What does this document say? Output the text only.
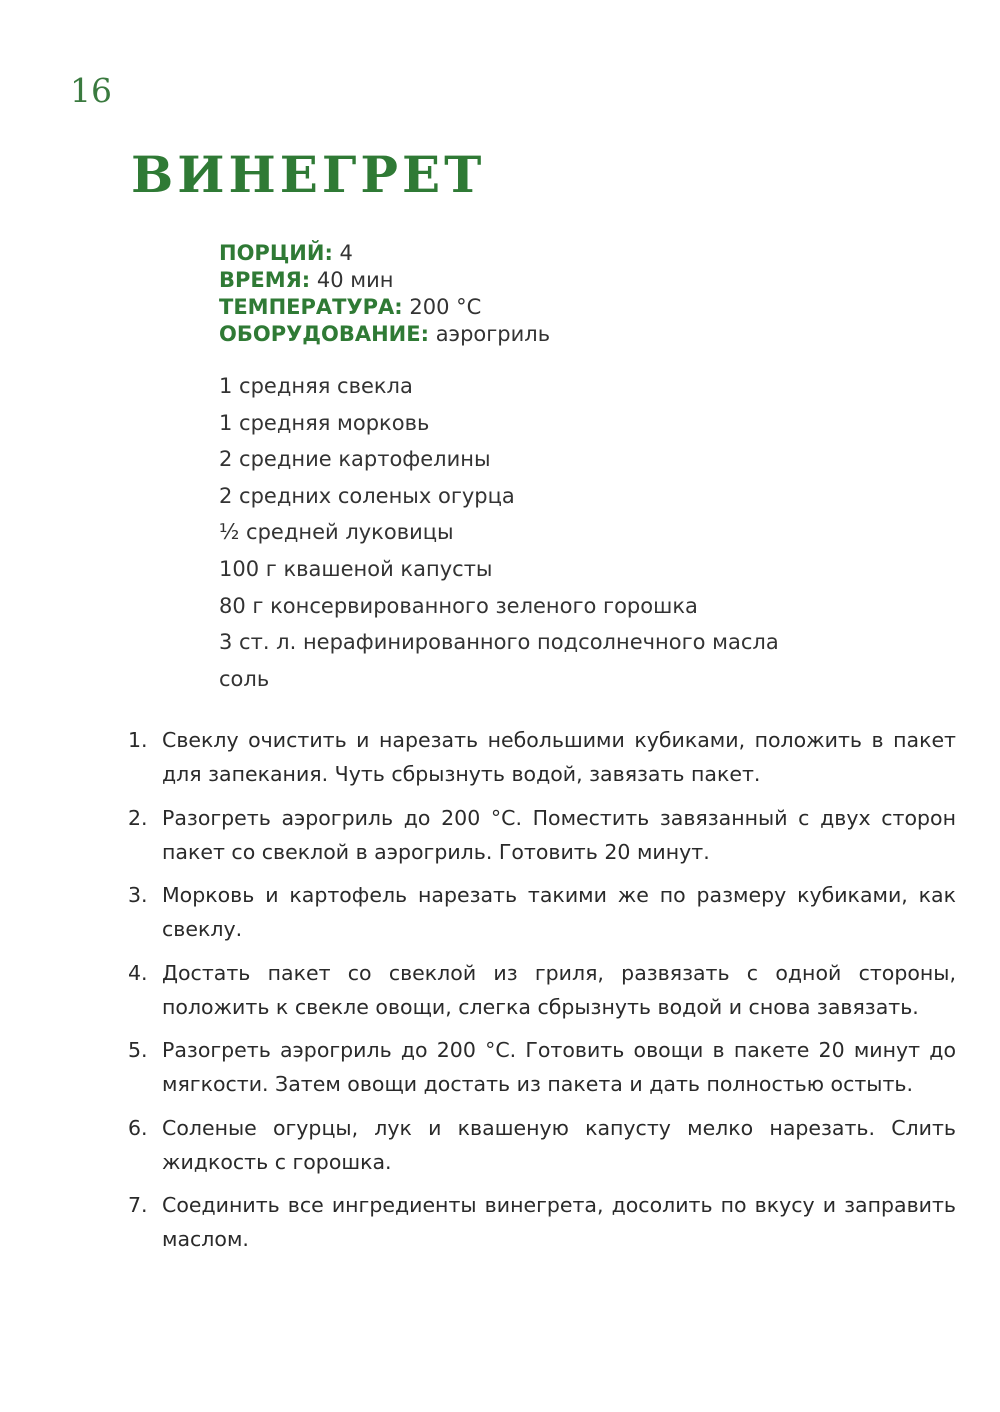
16
ВИНЕГРЕТ
ПОРЦИЙ: 4
ВРЕМЯ: 40 мин
ТЕМПЕРАТУРА: 200 °С
ОБОРУДОВАНИЕ: аэрогриль
1 средняя свекла
1 средняя морковь
2 средние картофелины
2 средних соленых огурца
½ средней луковицы
100 г квашеной капусты
80 г консервированного зеленого горошка
3 ст. л. нерафинированного подсолнечного масла
соль
1. Свеклу очистить и нарезать небольшими кубиками, положить в пакет для запекания. Чуть сбрызнуть водой, завязать пакет.
2. Разогреть аэрогриль до 200 °С. Поместить завязанный с двух сторон пакет со свеклой в аэрогриль. Готовить 20 минут.
3. Морковь и картофель нарезать такими же по размеру кубиками, как свеклу.
4. Достать пакет со свеклой из гриля, развязать с одной стороны, положить к свекле овощи, слегка сбрызнуть водой и снова завязать.
5. Разогреть аэрогриль до 200 °С. Готовить овощи в пакете 20 минут до мягкости. Затем овощи достать из пакета и дать полностью остыть.
6. Соленые огурцы, лук и квашеную капусту мелко нарезать. Слить жидкость с горошка.
7. Соединить все ингредиенты винегрета, досолить по вкусу и заправить маслом.
